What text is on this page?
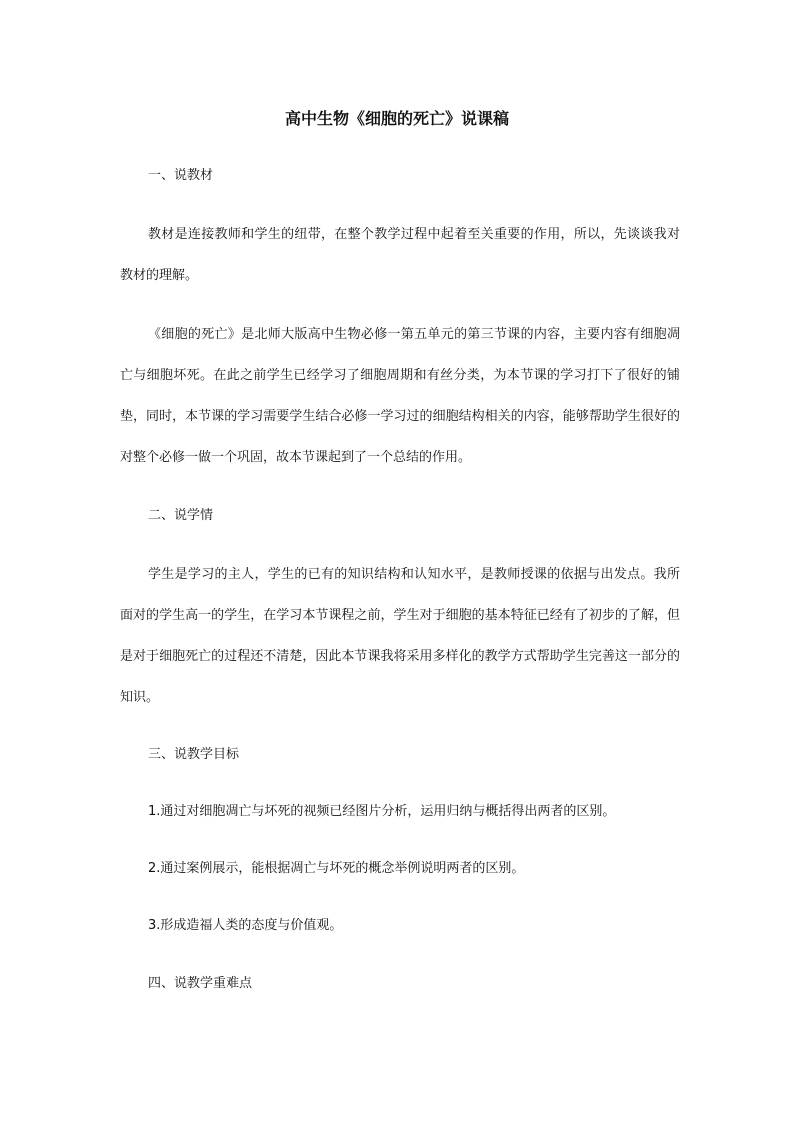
高中生物《细胞的死亡》说课稿

一、说教材

教材是连接教师和学生的纽带，在整个教学过程中起着至关重要的作用，所以，先谈谈我对教材的理解。

《细胞的死亡》是北师大版高中生物必修一第五单元的第三节课的内容，主要内容有细胞凋亡与细胞坏死。在此之前学生已经学习了细胞周期和有丝分类，为本节课的学习打下了很好的铺垫，同时，本节课的学习需要学生结合必修一学习过的细胞结构相关的内容，能够帮助学生很好的对整个必修一做一个巩固，故本节课起到了一个总结的作用。

二、说学情

学生是学习的主人，学生的已有的知识结构和认知水平，是教师授课的依据与出发点。我所面对的学生高一的学生，在学习本节课程之前，学生对于细胞的基本特征已经有了初步的了解，但是对于细胞死亡的过程还不清楚，因此本节课我将采用多样化的教学方式帮助学生完善这一部分的知识。

三、说教学目标

1.通过对细胞凋亡与坏死的视频已经图片分析，运用归纳与概括得出两者的区别。

2.通过案例展示，能根据凋亡与坏死的概念举例说明两者的区别。

3.形成造福人类的态度与价值观。

四、说教学重难点
